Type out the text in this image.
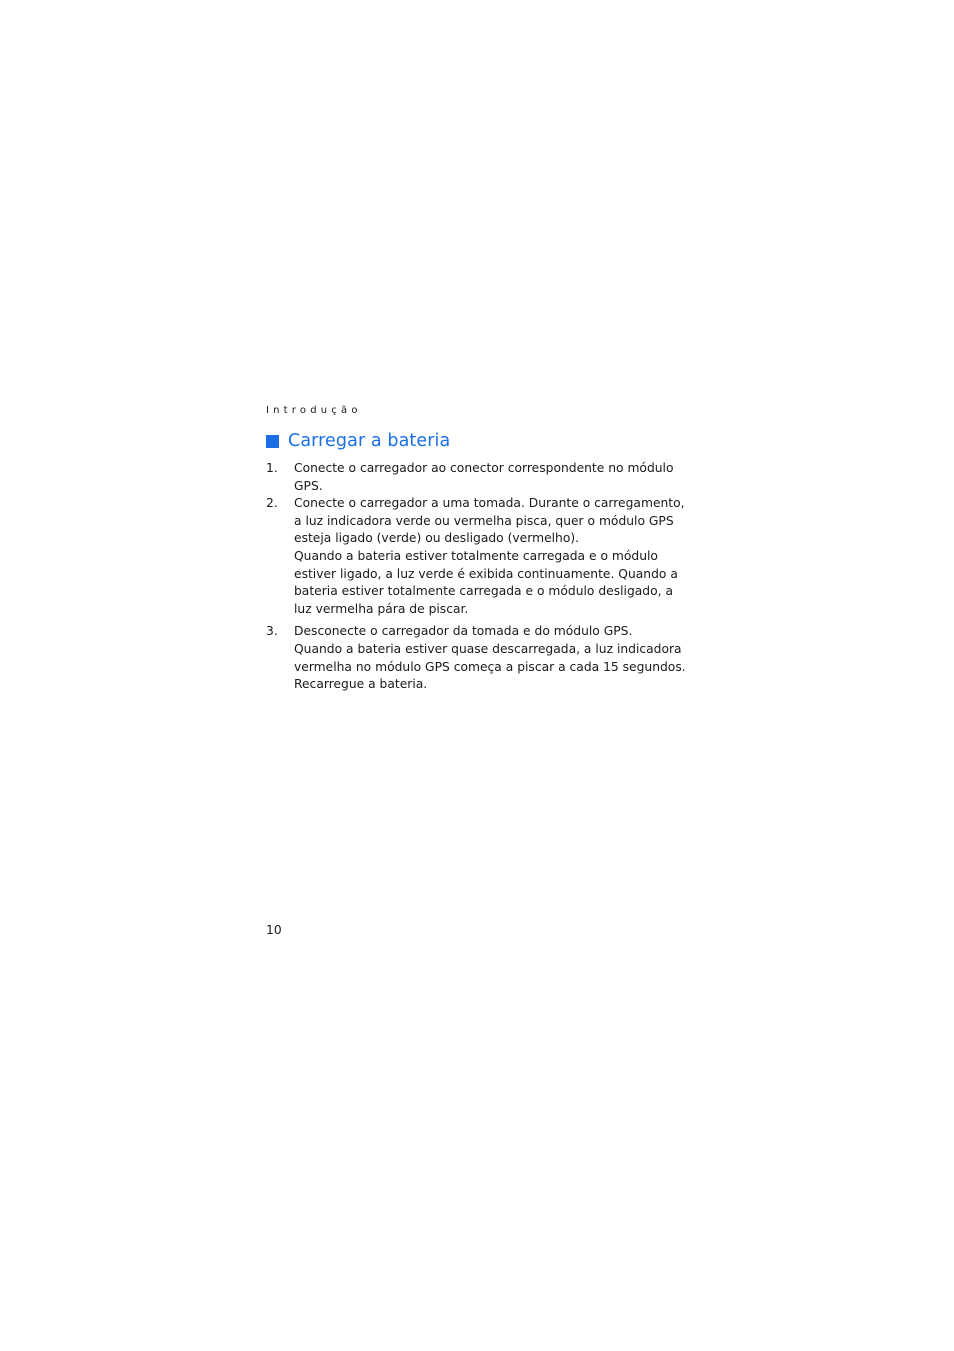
Introdução
Carregar a bateria
1.	Conecte o carregador ao conector correspondente no módulo GPS.

2.	Conecte o carregador a uma tomada. Durante o carregamento, a luz indicadora verde ou vermelha pisca, quer o módulo GPS esteja ligado (verde) ou desligado (vermelho).

Quando a bateria estiver totalmente carregada e o módulo estiver ligado, a luz verde é exibida continuamente. Quando a bateria estiver totalmente carregada e o módulo desligado, a luz vermelha pára de piscar.

3.	Desconecte o carregador da tomada e do módulo GPS.

Quando a bateria estiver quase descarregada, a luz indicadora vermelha no módulo GPS começa a piscar a cada 15 segundos. Recarregue a bateria.

10
